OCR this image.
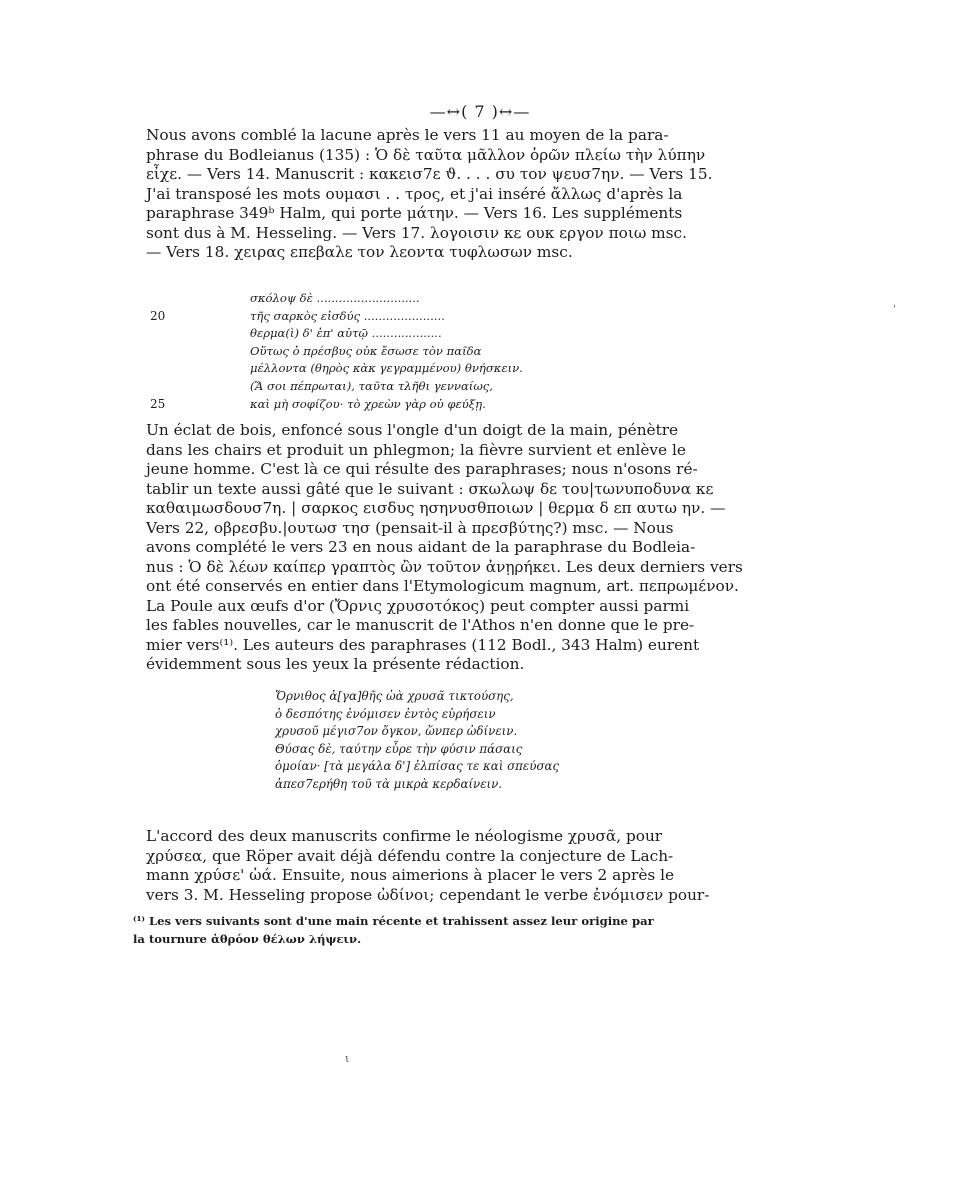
—↔( 7 )↔—
Nous avons comblé la lacune après le vers 11 au moyen de la para-
phrase du Bodleianus (135) : Ὁ δὲ ταῦτα μᾶλλον ὁρῶν πλείω τὴν λύπην
εἶχε. — Vers 14. Manuscrit : κακεισ7ε ϑ. . . . συ τον ψευσ7ην. — Vers 15.
J'ai transposé les mots ουμασι . . τρος, et j'ai inséré ἄλλως d'après la
paraphrase 349ᵇ Halm, qui porte μάτην. — Vers 16. Les suppléments
sont dus à M. Hesseling. — Vers 17. λογοισιν κε ουκ εργον ποιω msc.
— Vers 18. χειρας επεβαλε τον λεοντα τυφλωσων msc.
σκόλοψ δὲ ............................
20	τῆς σαρκὸς εἰσδύς ......................
θερμα(ὶ) δ' ἐπ' αὐτῷ ...................
Οὕτως ὁ πρέσβυς οὐκ ἔσωσε τὸν παῖδα
μέλλοντα (θηρὸς κὰκ γεγραμμένου) θνήσκειν.
(Ἅ σοι πέπρωται), ταῦτα τλῆθι γενναίως,
25	καὶ μὴ σοφίζου· τὸ χρεὼν γὰρ οὐ φεύξῃ.
Un éclat de bois, enfoncé sous l'ongle d'un doigt de la main, pénètre
dans les chairs et produit un phlegmon; la fièvre survient et enlève le
jeune homme. C'est là ce qui résulte des paraphrases; nous n'osons ré-
tablir un texte aussi gâté que le suivant : σκωλωψ δε του|τωνυποδυνα κε
καθαιμωσδουσ7η. | σαρκος εισδυς ησηνυσθποιων | θερμα δ επ αυτω ην. —
Vers 22, οβρεσβυ.|ουτωσ τησ (pensait-il à πρεσβύτης?) msc. — Nous
avons complété le vers 23 en nous aidant de la paraphrase du Bodleia-
nus : Ὁ δὲ λέων καίπερ γραπτὸς ὢν τοῦτον ἀνῃρήκει. Les deux derniers vers
ont été conservés en entier dans l'Etymologicum magnum, art. πεπρωμένον.
La Poule aux œufs d'or (Ὄρνις χρυσοτόκος) peut compter aussi parmi
les fables nouvelles, car le manuscrit de l'Athos n'en donne que le pre-
mier vers⁽¹⁾. Les auteurs des paraphrases (112 Bodl., 343 Halm) eurent
évidemment sous les yeux la présente rédaction.
Ὄρνιθος ἀ[γα]θῆς ὠὰ χρυσᾶ τικτούσης,
ὁ δεσπότης ἐνόμισεν ἐντὸς εὑρήσειν
χρυσοῦ μέγισ7ον ὄγκον, ὥνπερ ὠδίνειν.
Θύσας δὲ, ταύτην εὗρε τὴν φύσιν πάσαις
ὁμοίαν· [τὰ μεγάλα δ'] ἐλπίσας τε καὶ σπεύσας
ἀπεσ7ερήθη τοῦ τὰ μικρὰ κερδαίνειν.
L'accord des deux manuscrits confirme le néologisme χρυσᾶ, pour
χρύσεα, que Röper avait déjà défendu contre la conjecture de Lach-
mann χρύσε' ὠά. Ensuite, nous aimerions à placer le vers 2 après le
vers 3. M. Hesseling propose ὠδίνοι; cependant le verbe ἐνόμισεν pour-
⁽¹⁾ Les vers suivants sont d'une main récente et trahissent assez leur origine par
la tournure ἀθρόον θέλων λήψειν.
ˌ
ι
